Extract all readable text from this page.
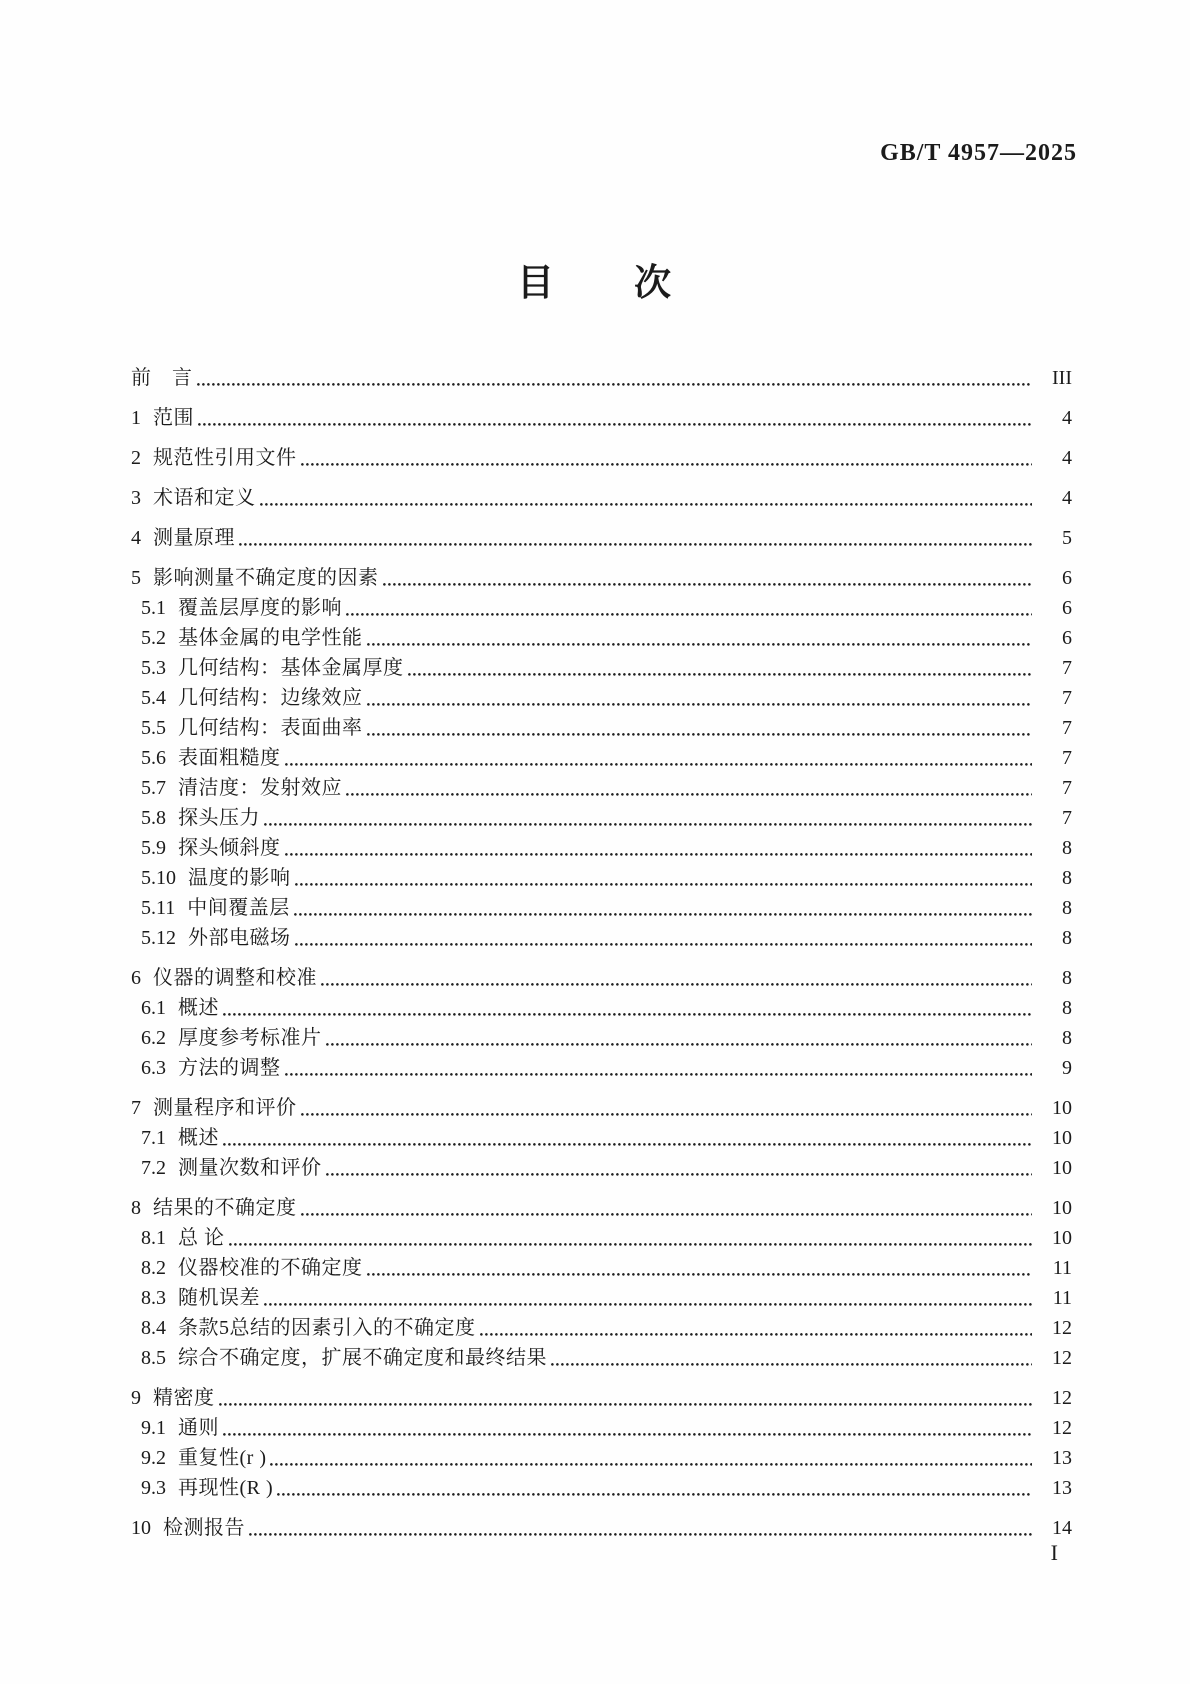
GB/T 4957—2025
目　　次
前　言	III
1 范围	4
2 规范性引用文件	4
3 术语和定义	4
4 测量原理	5
5 影响测量不确定度的因素	6
5.1 覆盖层厚度的影响	6
5.2 基体金属的电学性能	6
5.3 几何结构：基体金属厚度	7
5.4 几何结构：边缘效应	7
5.5 几何结构：表面曲率	7
5.6 表面粗糙度	7
5.7 清洁度：发射效应	7
5.8 探头压力	7
5.9 探头倾斜度	8
5.10 温度的影响	8
5.11 中间覆盖层	8
5.12 外部电磁场	8
6 仪器的调整和校准	8
6.1 概述	8
6.2 厚度参考标准片	8
6.3 方法的调整	9
7 测量程序和评价	10
7.1 概述	10
7.2 测量次数和评价	10
8 结果的不确定度	10
8.1 总 论	10
8.2 仪器校准的不确定度	11
8.3 随机误差	11
8.4 条款5总结的因素引入的不确定度	12
8.5 综合不确定度，扩展不确定度和最终结果	12
9 精密度	12
9.1 通则	12
9.2 重复性(r )	13
9.3 再现性(R )	13
10 检测报告	14
I
